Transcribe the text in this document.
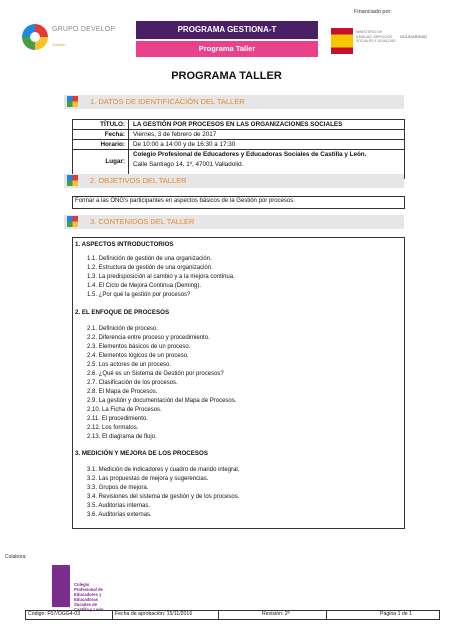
GRUPO DEVELOP
Gestión
PROGRAMA GESTIONA-T
Programa Taller
Financiado por:
MINISTERIO DE SANIDAD, SERVICIOS SOCIALES E IGUALDAD
SOLIDARIDAD
PROGRAMA TALLER
1. DATOS DE IDENTIFICACIÓN DEL TALLER
TÍTULO: LA GESTIÓN POR PROCESOS EN LAS ORGANIZACIONES SOCIALES
Fecha: Viernes, 3 de febrero de 2017
Horario: De 10:00 a 14:00 y de 16:30 a 17:30
Lugar:
Colegio Profesional de Educadores y Educadoras Sociales de Castilla y León.
Calle Santiago 14, 1º, 47001 Valladolid.
2. OBJETIVOS DEL TALLER
Formar a las ONG's participantes en aspectos básicos de la Gestión por procesos.
3. CONTENIDOS DEL TALLER
1. ASPECTOS INTRODUCTORIOS
1.1. Definición de gestión de una organización.
1.2. Estructura de gestión de una organización.
1.3. La predisposición al cambio y a la mejora continua.
1.4. El Ciclo de Mejora Continua (Deming).
1.5. ¿Por qué la gestión por procesos?
2. EL ENFOQUE DE PROCESOS
2.1. Definición de proceso.
2.2. Diferencia entre proceso y procedimiento.
2.3. Elementos básicos de un proceso.
2.4. Elementos lógicos de un proceso.
2.5. Los actores de un proceso.
2.6. ¿Qué es un Sistema de Gestión por procesos?
2.7. Clasificación de los procesos.
2.8. El Mapa de Procesos.
2.9. La gestión y documentación del Mapa de Procesos.
2.10. La Ficha de Procesos.
2.11. El procedimiento.
2.12. Los formatos.
2.13. El diagrama de flujo.
3. MEDICIÓN Y MEJORA DE LOS PROCESOS
3.1. Medición de indicadores y cuadro de mando integral.
3.2. Las propuestas de mejora y sugerencias.
3.3. Grupos de mejora.
3.4. Revisiones del sistema de gestión y de los procesos.
3.5. Auditorías internas.
3.6. Auditorías externas.
Colabora:
Colegio Profesional de Educadores y Educadoras Sociales de Castilla y León
Código: F07/OGG4-03	Fecha de aprobación: 15/11/2016	Revisión: 2ª	Página 1 de 1
